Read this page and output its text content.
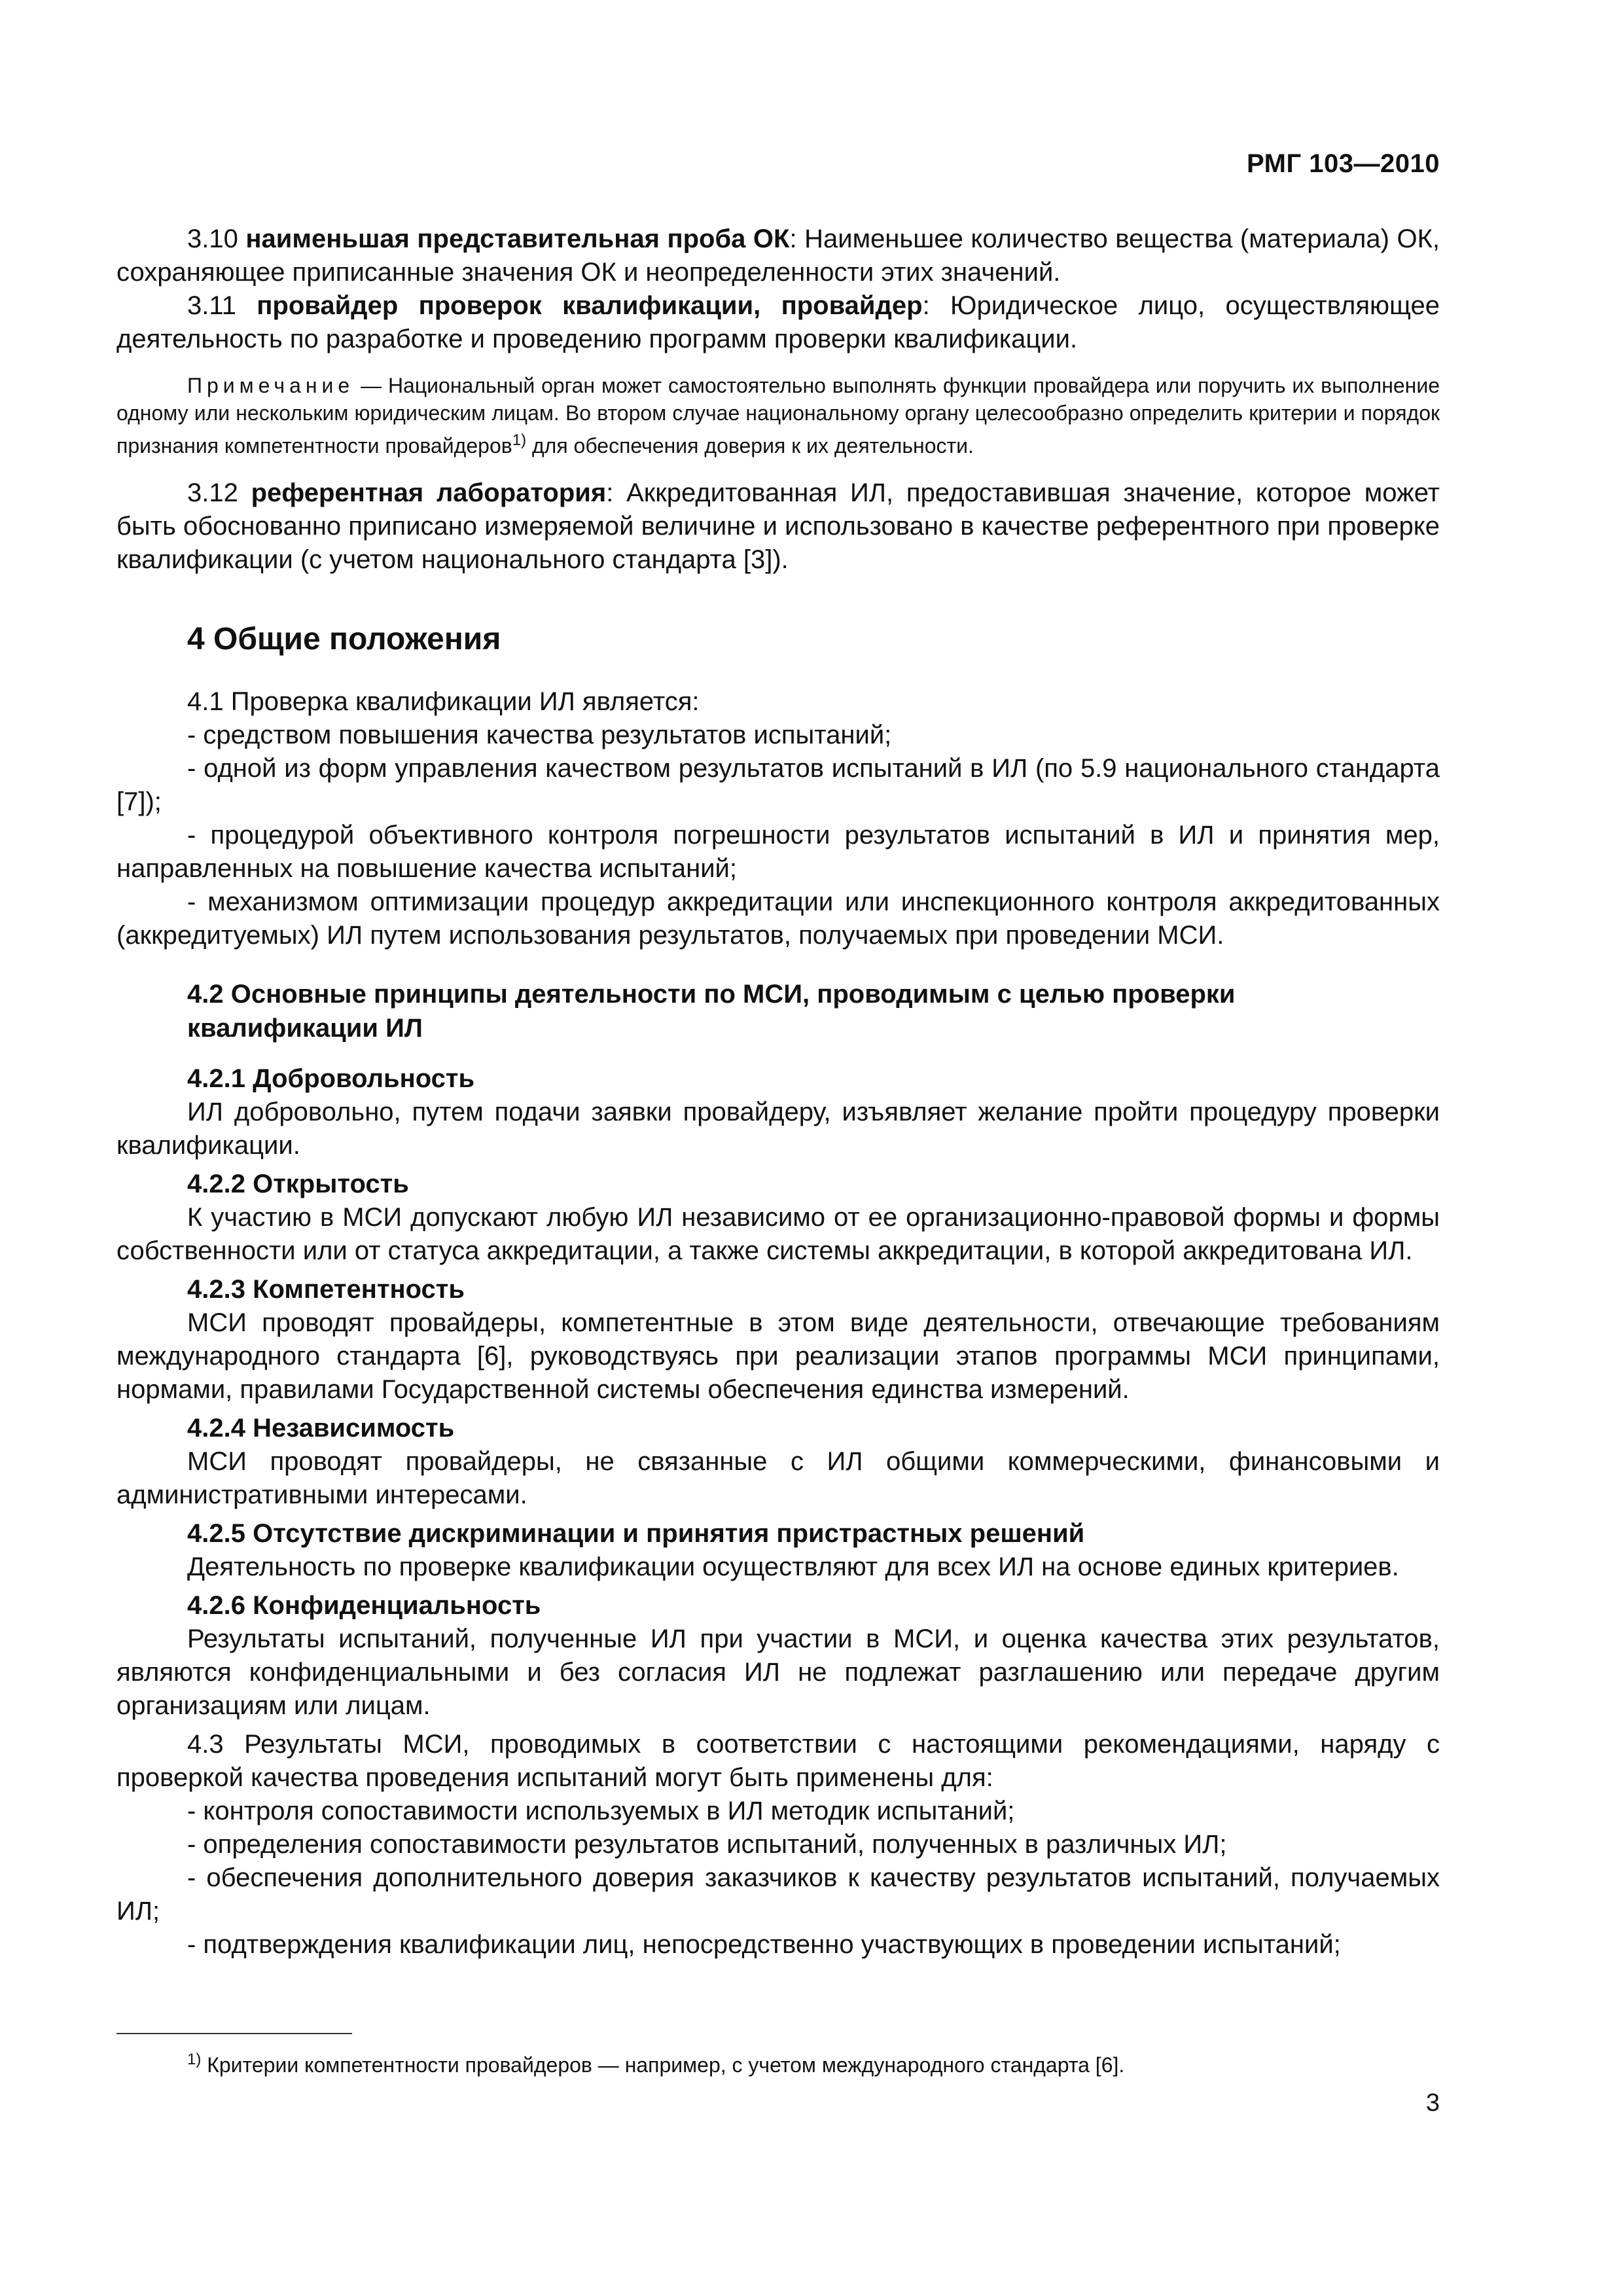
РМГ 103—2010

3.10 наименьшая представительная проба ОК: Наименьшее количество вещества (материала) ОК, сохраняющее приписанные значения ОК и неопределенности этих значений.

3.11 провайдер проверок квалификации, провайдер: Юридическое лицо, осуществляющее деятельность по разработке и проведению программ проверки квалификации.

Примечание — Национальный орган может самостоятельно выполнять функции провайдера или поручить их выполнение одному или нескольким юридическим лицам. Во втором случае национальному органу целесообразно определить критерии и порядок признания компетентности провайдеров$^{1)}$ для обеспечения доверия к их деятельности.

3.12 референтная лаборатория: Аккредитованная ИЛ, предоставившая значение, которое может быть обоснованно приписано измеряемой величине и использовано в качестве референтного при проверке квалификации (с учетом национального стандарта [3]).

4 Общие положения

4.1 Проверка квалификации ИЛ является:

- средством повышения качества результатов испытаний;

- одной из форм управления качеством результатов испытаний в ИЛ (по 5.9 национального стандарта [7]);

- процедурой объективного контроля погрешности результатов испытаний в ИЛ и принятия мер, направленных на повышение качества испытаний;

- механизмом оптимизации процедур аккредитации или инспекционного контроля аккредитованных (аккредитуемых) ИЛ путем использования результатов, получаемых при проведении МСИ.

4.2 Основные принципы деятельности по МСИ, проводимым с целью проверки квалификации ИЛ
4.2.1 Добровольность

ИЛ добровольно, путем подачи заявки провайдеру, изъявляет желание пройти процедуру проверки квалификации.

4.2.2 Открытость

К участию в МСИ допускают любую ИЛ независимо от ее организационно-правовой формы и формы собственности или от статуса аккредитации, а также системы аккредитации, в которой аккредитована ИЛ.

4.2.3 Компетентность

МСИ проводят провайдеры, компетентные в этом виде деятельности, отвечающие требованиям международного стандарта [6], руководствуясь при реализации этапов программы МСИ принципами, нормами, правилами Государственной системы обеспечения единства измерений.

4.2.4 Независимость

МСИ проводят провайдеры, не связанные с ИЛ общими коммерческими, финансовыми и административными интересами.

4.2.5 Отсутствие дискриминации и принятия пристрастных решений

Деятельность по проверке квалификации осуществляют для всех ИЛ на основе единых критериев.

4.2.6 Конфиденциальность

Результаты испытаний, полученные ИЛ при участии в МСИ, и оценка качества этих результатов, являются конфиденциальными и без согласия ИЛ не подлежат разглашению или передаче другим организациям или лицам.

4.3 Результаты МСИ, проводимых в соответствии с настоящими рекомендациями, наряду с проверкой качества проведения испытаний могут быть применены для:

- контроля сопоставимости используемых в ИЛ методик испытаний;

- определения сопоставимости результатов испытаний, полученных в различных ИЛ;

- обеспечения дополнительного доверия заказчиков к качеству результатов испытаний, получаемых ИЛ;

- подтверждения квалификации лиц, непосредственно участвующих в проведении испытаний;

$^{1)}$ Критерии компетентности провайдеров — например, с учетом международного стандарта [6].
3
